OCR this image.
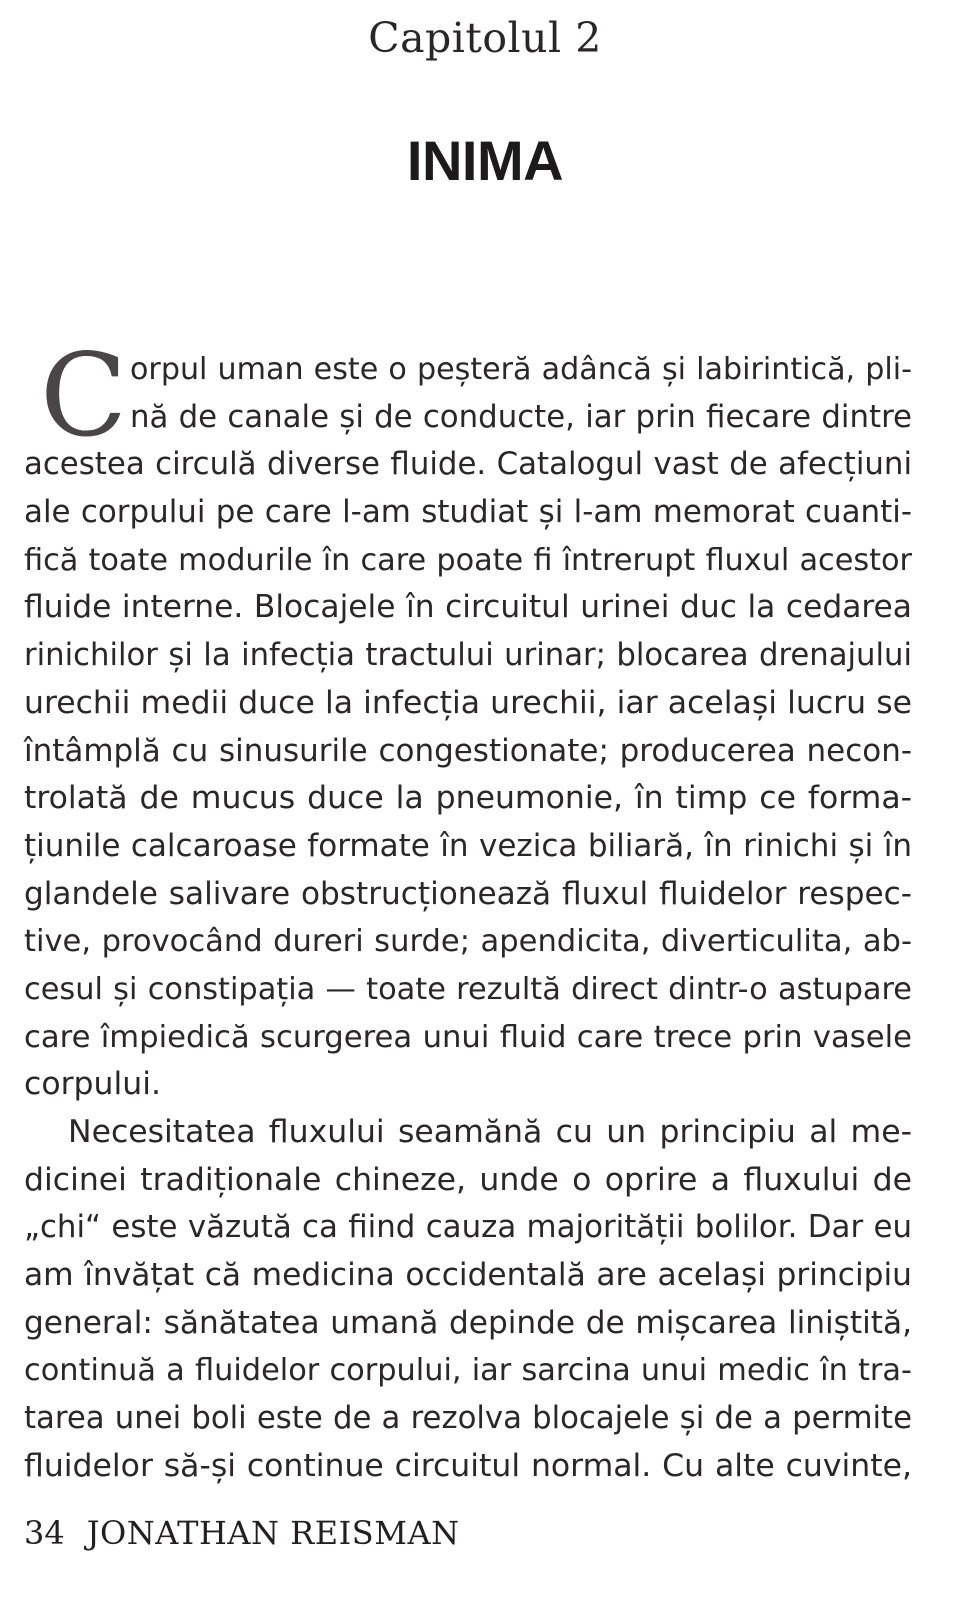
Capitolul 2
INIMA
C orpul uman este o peșteră adâncă și labirintică, pli-
nă de canale și de conducte, iar prin fiecare dintre
acestea circulă diverse fluide. Catalogul vast de afecțiuni
ale corpului pe care l-am studiat și l-am memorat cuanti-
fică toate modurile în care poate fi întrerupt fluxul acestor
fluide interne. Blocajele în circuitul urinei duc la cedarea
rinichilor și la infecția tractului urinar; blocarea drenajului
urechii medii duce la infecția urechii, iar același lucru se
întâmplă cu sinusurile congestionate; producerea necon-
trolată de mucus duce la pneumonie, în timp ce forma-
țiunile calcaroase formate în vezica biliară, în rinichi și în
glandele salivare obstrucționează fluxul fluidelor respec-
tive, provocând dureri surde; apendicita, diverticulita, ab-
cesul și constipația — toate rezultă direct dintr-o astupare
care împiedică scurgerea unui fluid care trece prin vasele
corpului.
Necesitatea fluxului seamănă cu un principiu al me-
dicinei tradiționale chineze, unde o oprire a fluxului de
„chi“ este văzută ca fiind cauza majorității bolilor. Dar eu
am învățat că medicina occidentală are același principiu
general: sănătatea umană depinde de mișcarea liniștită,
continuă a fluidelor corpului, iar sarcina unui medic în tra-
tarea unei boli este de a rezolva blocajele și de a permite
fluidelor să-și continue circuitul normal. Cu alte cuvinte,
34 JONATHAN REISMAN
